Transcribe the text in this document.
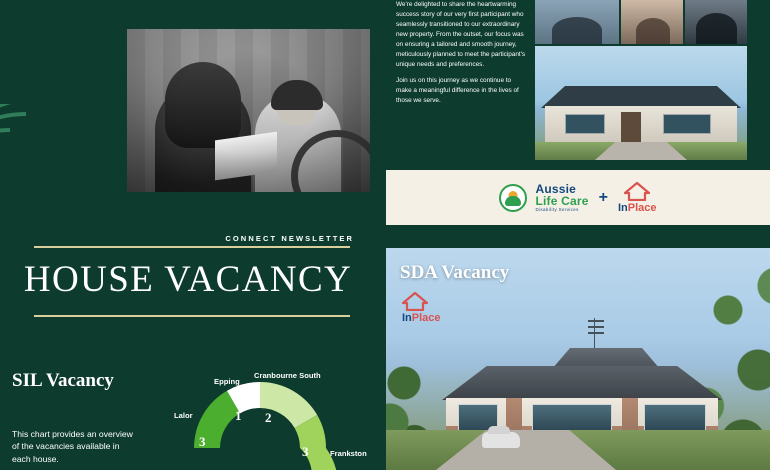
We're delighted to share the heartwarming success story of our very first participant who seamlessly transitioned to our extraordinary new property. From the outset, our focus was on ensuring a tailored and smooth journey, meticulously planned to meet the participant's unique needs and preferences.

Join us on this journey as we continue to make a meaningful difference in the lives of those we serve.

Aussie
Life Care
Disability Services
+
InPlace
CONNECT NEWSLETTER
HOUSE VACANCY
SIL Vacancy
This chart provides an overview of the vacancies available in each house.
Epping
Cranbourne South
Lalor
Frankston
1 2
3
3
SDA Vacancy
InPlace
